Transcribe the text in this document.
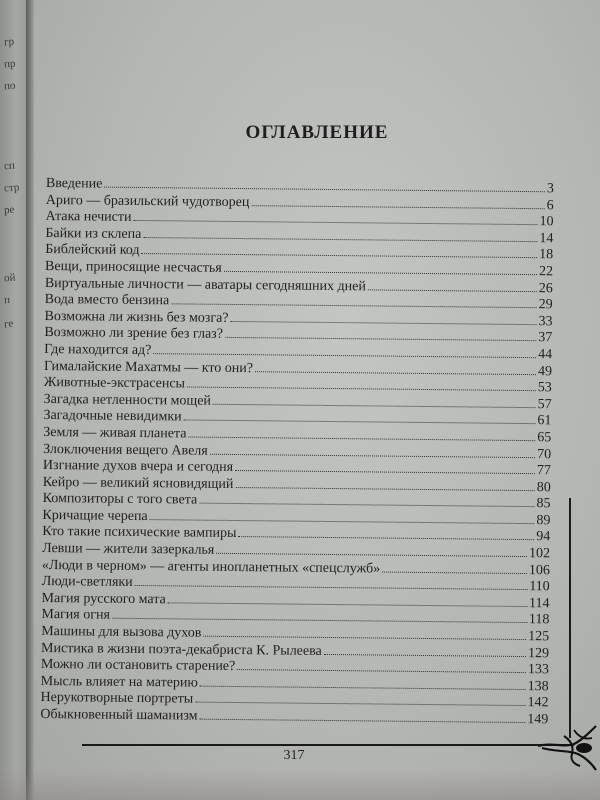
гр
пр
по
сп
стр
ре
ой
п
ге
ОГЛАВЛЕНИЕ
Введение	3
Ариго — бразильский чудотворец	6
Атака нечисти	10
Байки из склепа	14
Библейский код	18
Вещи, приносящие несчастья	22
Виртуальные личности — аватары сегодняшних дней	26
Вода вместо бензина	29
Возможна ли жизнь без мозга?	33
Возможно ли зрение без глаз?	37
Где находится ад?	44
Гималайские Махатмы — кто они?	49
Животные-экстрасенсы	53
Загадка нетленности мощей	57
Загадочные невидимки	61
Земля — живая планета	65
Злоключения вещего Авеля	70
Изгнание духов вчера и сегодня	77
Кейро — великий ясновидящий	80
Композиторы с того света	85
Кричащие черепа	89
Кто такие психические вампиры	94
Левши — жители зазеркалья	102
«Люди в черном» — агенты инопланетных «спецслужб»	106
Люди-светляки	110
Магия русского мата	114
Магия огня	118
Машины для вызова духов	125
Мистика в жизни поэта-декабриста К. Рылеева	129
Можно ли остановить старение?	133
Мысль влияет на материю	138
Нерукотворные портреты	142
Обыкновенный шаманизм	149
317
